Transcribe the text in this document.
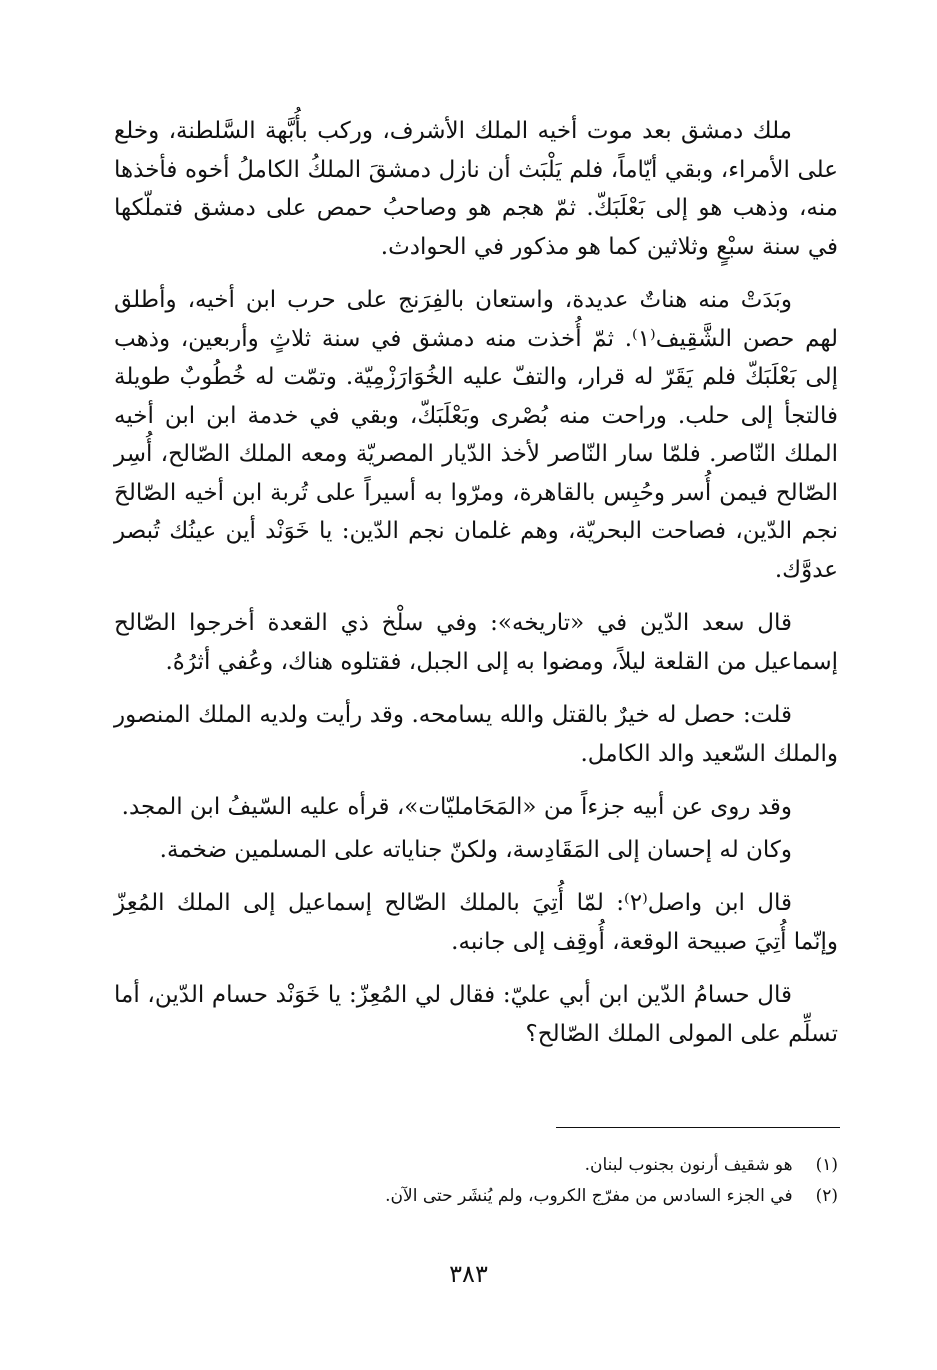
ملك دمشق بعد موت أخيه الملك الأشرف، وركب بأُبَّهة السَّلطنة، وخلع على الأمراء، وبقي أيّاماً، فلم يَلْبَث أن نازل دمشقَ الملكُ الكاملُ أخوه فأخذها منه، وذهب هو إلى بَعْلَبَكّ. ثمّ هجم هو وصاحبُ حمص على دمشق فتملّكها في سنة سبْعٍ وثلاثين كما هو مذكور في الحوادث.

وبَدَتْ منه هناتٌ عديدة، واستعان بالفِرَنج على حرب ابن أخيه، وأطلق لهم حصن الشَّقِيف⁽١⁾. ثمّ أُخذت منه دمشق في سنة ثلاثٍ وأربعين، وذهب إلى بَعْلَبَكّ فلم يَقَرّ له قرار، والتفّ عليه الخُوَارَزْمِيّة. وتمّت له خُطُوبٌ طويلة فالتجأ إلى حلب. وراحت منه بُصْرى وبَعْلَبَكّ، وبقي في خدمة ابن ابن أخيه الملك النّاصر. فلمّا سار النّاصر لأخذ الدّيار المصريّة ومعه الملك الصّالح، أُسِر الصّالح فيمن أُسر وحُبِس بالقاهرة، ومرّوا به أسيراً على تُربة ابن أخيه الصّالحَ نجم الدّين، فصاحت البحريّة، وهم غلمان نجم الدّين: يا خَوَنْد أين عينُك تُبصر عدوَّك.

قال سعد الدّين في «تاريخه»: وفي سلْخ ذي القعدة أخرجوا الصّالح إسماعيل من القلعة ليلاً، ومضوا به إلى الجبل، فقتلوه هناك، وعُفي أثرُهُ.

قلت: حصل له خيرٌ بالقتل والله يسامحه. وقد رأيت ولديه الملك المنصور والملك السّعيد والد الكامل.

وقد روى عن أبيه جزءاً من «المَحَامليّات»، قرأه عليه السّيفُ ابن المجد.

وكان له إحسان إلى المَقَادِسة، ولكنّ جناياته على المسلمين ضخمة.

قال ابن واصل⁽٢⁾: لمّا أُتِيَ بالملك الصّالح إسماعيل إلى الملك المُعِزّ وإنّما أُتِيَ صبيحة الوقعة، أُوقِف إلى جانبه.

قال حسامُ الدّين ابن أبي عليّ: فقال لي المُعِزّ: يا خَوَنْد حسام الدّين، أما تسلِّم على المولى الملك الصّالح؟

(١) هو شقيف أرنون بجنوب لبنان.
(٢) في الجزء السادس من مفرّج الكروب، ولم يُنشَر حتى الآن.
٣٨٣
